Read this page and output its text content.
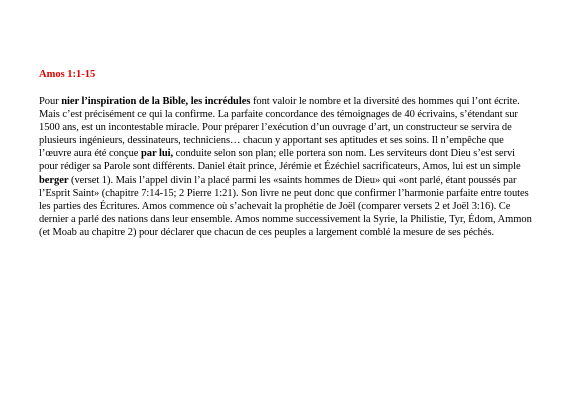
Amos 1:1-15

Pour nier l’inspiration de la Bible, les incrédules font valoir le nombre et la diversité des hommes qui l’ont écrite. Mais c’est précisément ce qui la confirme. La parfaite concordance des témoignages de 40 écrivains, s’étendant sur 1500 ans, est un incontestable miracle. Pour préparer l’exécution d’un ouvrage d’art, un constructeur se servira de plusieurs ingénieurs, dessinateurs, techniciens… chacun y apportant ses aptitudes et ses soins. Il n’empêche que l’œuvre aura été conçue par lui, conduite selon son plan; elle portera son nom. Les serviteurs dont Dieu s’est servi pour rédiger sa Parole sont différents. Daniel était prince, Jérémie et Ézéchiel sacrificateurs, Amos, lui est un simple berger (verset 1). Mais l’appel divin l’a placé parmi les «saints hommes de Dieu» qui «ont parlé, étant poussés par l’Esprit Saint» (chapitre 7:14-15; 2 Pierre 1:21). Son livre ne peut donc que confirmer l’harmonie parfaite entre toutes les parties des Écritures. Amos commence où s’achevait la prophétie de Joël (comparer versets 2 et Joël 3:16). Ce dernier a parlé des nations dans leur ensemble. Amos nomme successivement la Syrie, la Philistie, Tyr, Édom, Ammon (et Moab au chapitre 2) pour déclarer que chacun de ces peuples a largement comblé la mesure de ses péchés.
